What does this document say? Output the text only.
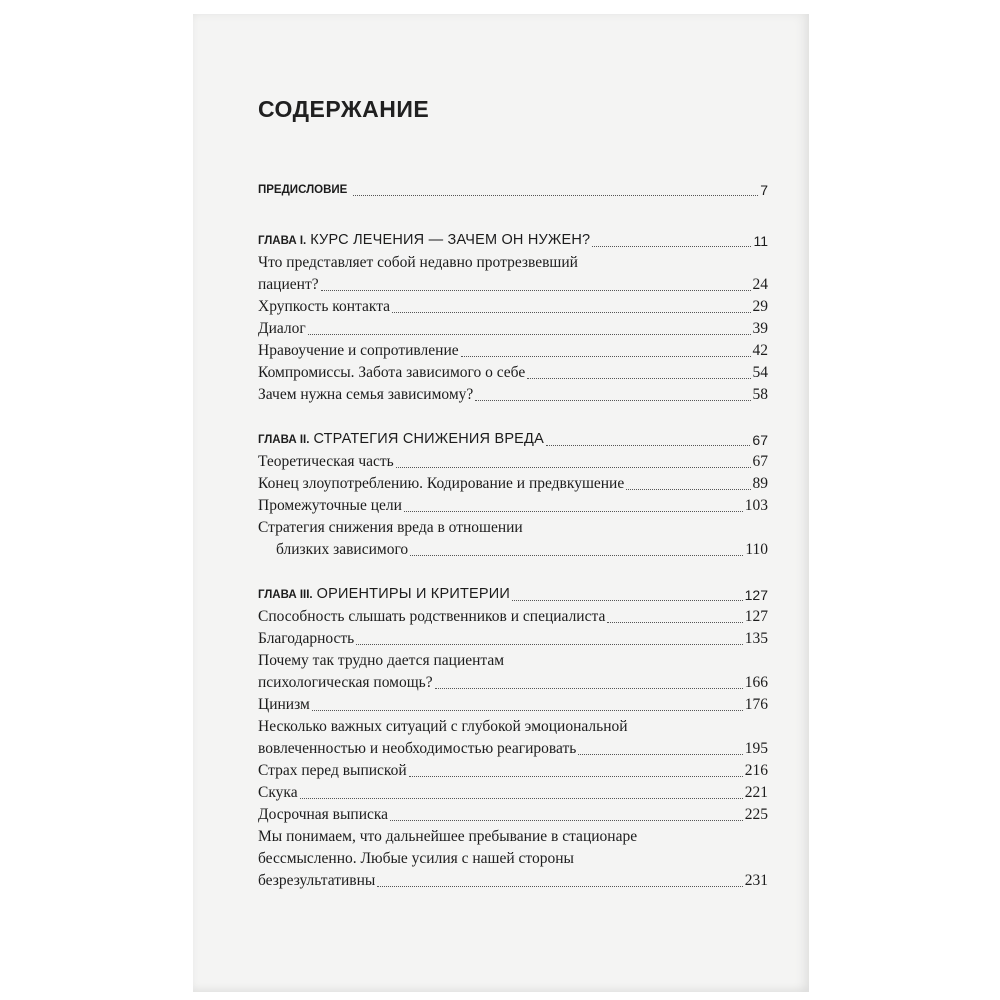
СОДЕРЖАНИЕ
ПРЕДИСЛОВИЕ	7
ГЛАВА I. КУРС ЛЕЧЕНИЯ — ЗАЧЕМ ОН НУЖЕН?	11
Что представляет собой недавно протрезвевший
пациент?	24
Хрупкость контакта	29
Диалог	39
Нравоучение и сопротивление	42
Компромиссы. Забота зависимого о себе	54
Зачем нужна семья зависимому?	58
ГЛАВА II. СТРАТЕГИЯ СНИЖЕНИЯ ВРЕДА	67
Теоретическая часть	67
Конец злоупотреблению. Кодирование и предвкушение	89
Промежуточные цели	103
Стратегия снижения вреда в отношении
близких зависимого	110
ГЛАВА III. ОРИЕНТИРЫ И КРИТЕРИИ	127
Способность слышать родственников и специалиста	127
Благодарность	135
Почему так трудно дается пациентам
психологическая помощь?	166
Цинизм	176
Несколько важных ситуаций с глубокой эмоциональной
вовлеченностью и необходимостью реагировать	195
Страх перед выпиской	216
Скука	221
Досрочная выписка	225
Мы понимаем, что дальнейшее пребывание в стационаре
бессмысленно. Любые усилия с нашей стороны
безрезультативны	231
